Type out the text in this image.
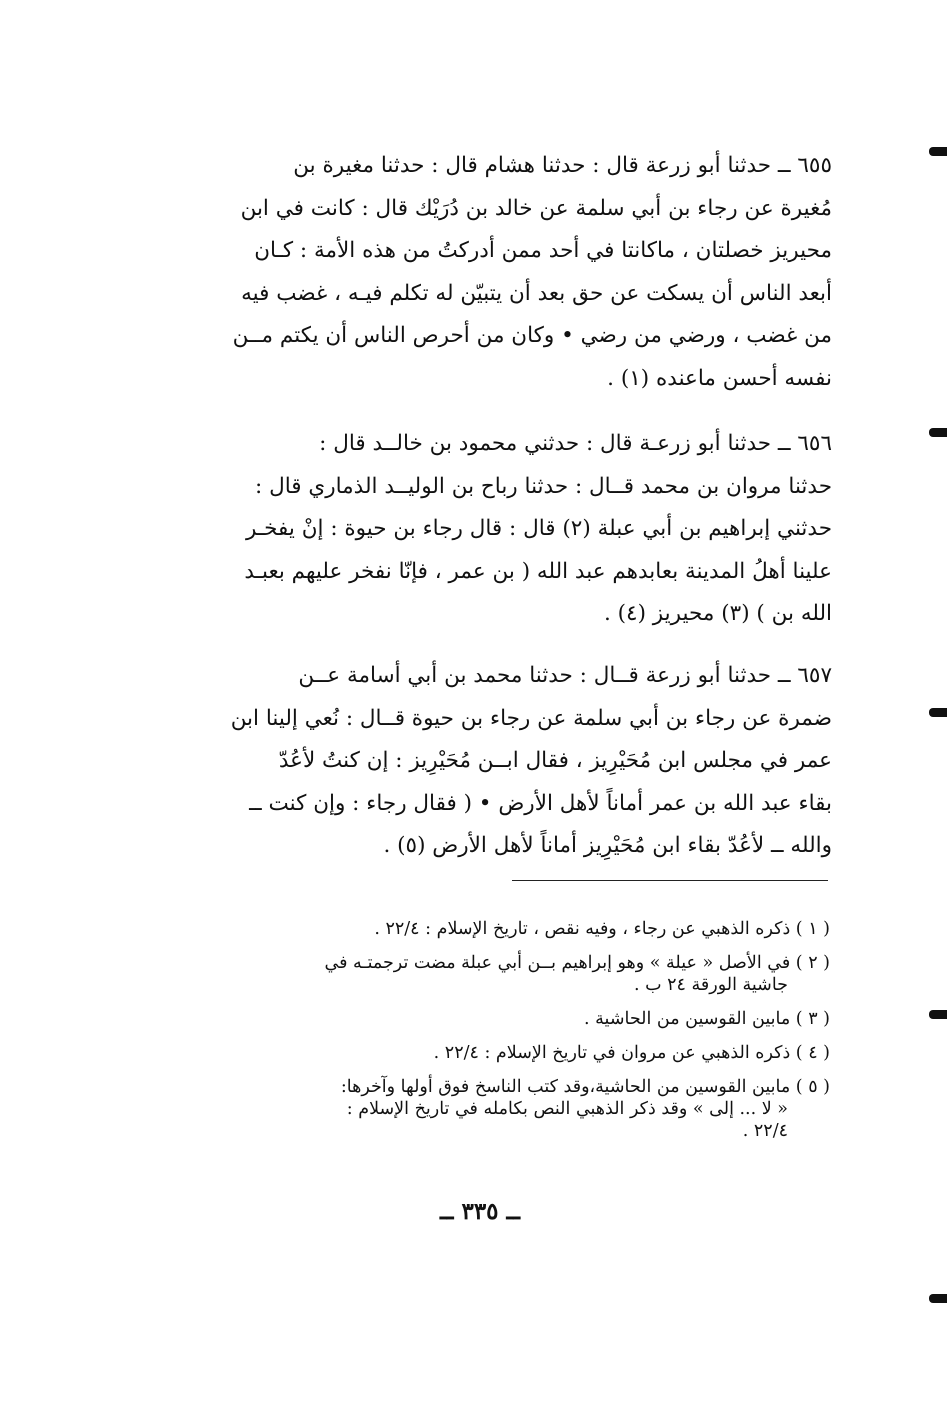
٦٥٥ ــ حدثنا أبو زرعة قال : حدثنا هشام قال : حدثنا مغيرة بن
مُغيرة عن رجاء بن أبي سلمة عن خالد بن دُرَيْك قال : كانت في ابن
محيريز خصلتان ، ماكانتا في أحد ممن أدركتُ من هذه الأمة : كـان
أبعد الناس أن يسكت عن حق بعد أن يتبيّن له تكلم فيـه ، غضب فيه
من غضب ، ورضي من رضي • وكان من أحرص الناس أن يكتم مــن
نفسه أحسن ماعنده (١) .
٦٥٦ ــ حدثنا أبو زرعـة قال : حدثني محمود بن خالــد قال :
حدثنا مروان بن محمد قــال : حدثنا رباح بن الوليــد الذماري قال :
حدثني إبراهيم بن أبي عبلة (٢) قال : قال رجاء بن حيوة : إنْ يفخـر
علينا أهلُ المدينة بعابدهم عبد الله ( بن عمر ، فإنّا نفخر عليهم بعبـد
الله بن ) (٣) محيريز (٤) .
٦٥٧ ــ حدثنا أبو زرعة قــال : حدثنا محمد بن أبي أسامة عــن
ضمرة عن رجاء بن أبي سلمة عن رجاء بن حيوة قــال : نُعي إلينا ابن
عمر في مجلس ابن مُحَيْرِيز ، فقال ابــن مُحَيْرِيز : إن كنتُ لأعُدّ
بقاء عبد الله بن عمر أماناً لأهل الأرض • ( فقال رجاء : وإن كنت ــ
والله ــ لأعُدّ بقاء ابن مُحَيْرِيز أماناً لأهل الأرض (٥) .
( ١ ) ذكره الذهبي عن رجاء ، وفيه نقص ، تاريخ الإسلام : ٢٢/٤ .
( ٢ ) في الأصل « عيلة » وهو إبراهيم بــن أبي عبلة مضت ترجمتـه في
جاشية الورقة ٢٤ ب .
( ٣ ) مابين القوسين من الحاشية .
( ٤ ) ذكره الذهبي عن مروان في تاريخ الإسلام : ٢٢/٤ .
( ٥ ) مابين القوسين من الحاشية،وقد كتب الناسخ فوق أولها وآخرها:
« لا ... إلى » وقد ذكر الذهبي النص بكامله في تاريخ الإسلام :
٢٢/٤ .
ــ ٣٣٥ ــ
